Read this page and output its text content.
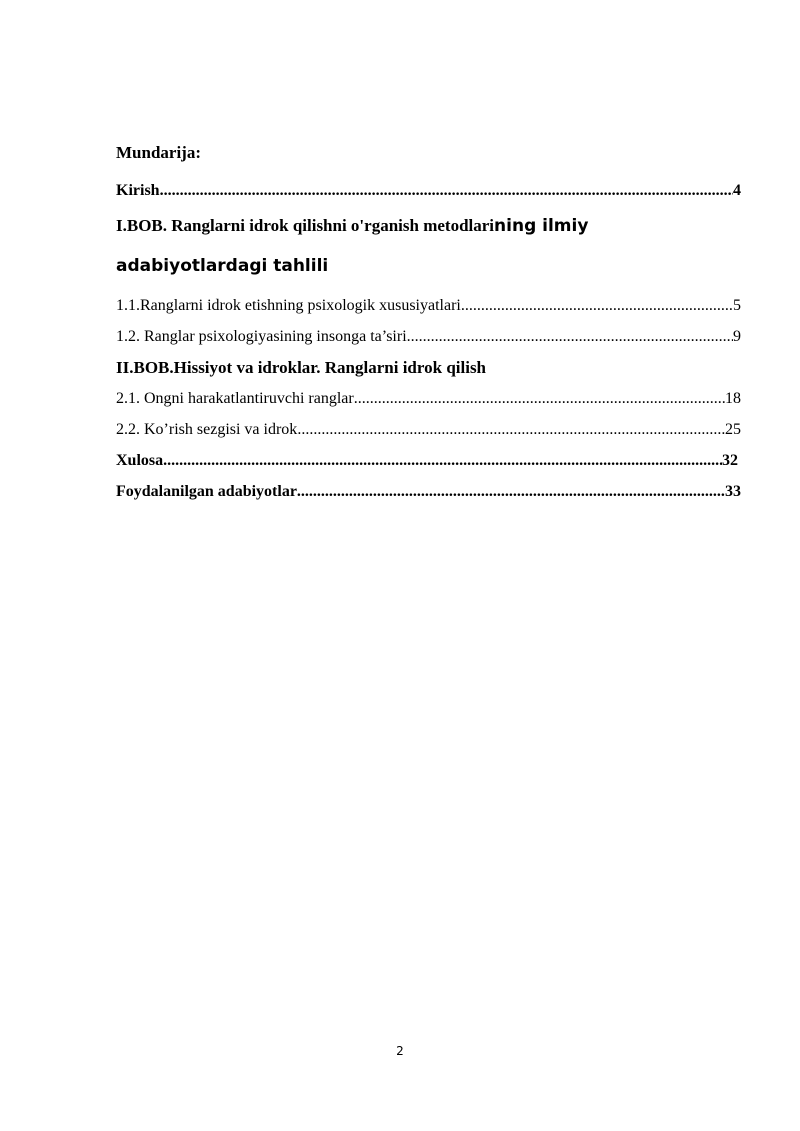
Mundarija:
Kirish .....	4
I.BOB. Ranglarni idrok qilishni o'rganish metodlarining ilmiy
adabiyotlardagi tahlili
1.1.Ranglarni idrok etishning psixologik xususiyatlari .....	5
1.2. Ranglar psixologiyasining insonga ta’siri .....	9
II.BOB.Hissiyot va idroklar. Ranglarni idrok qilish
2.1. Ongni harakatlantiruvchi ranglar .....	18
2.2. Ko’rish sezgisi va idrok .....	25
Xulosa .....	32
Foydalanilgan adabiyotlar .....	33
2
